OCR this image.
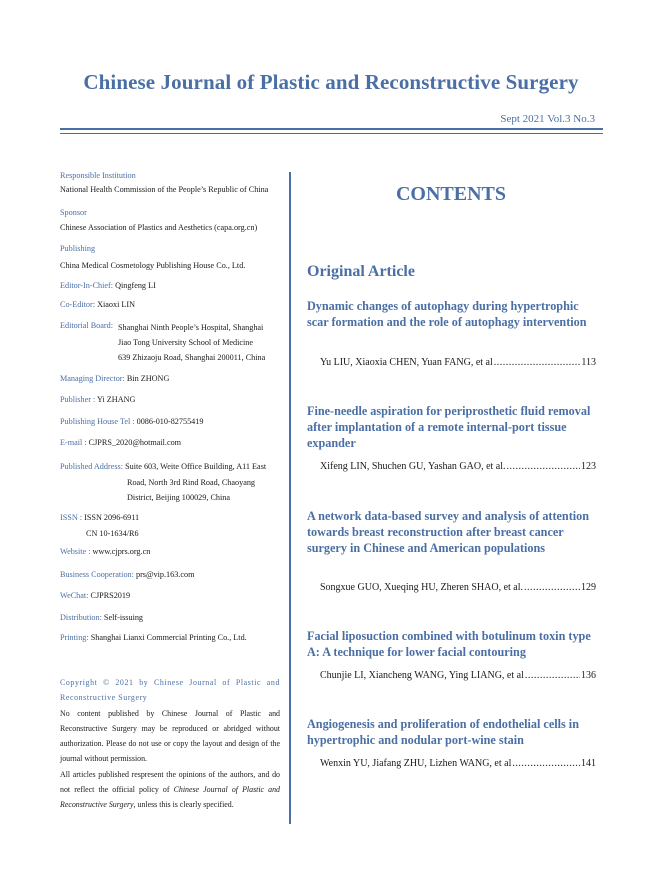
Chinese Journal of Plastic and Reconstructive Surgery
Sept 2021 Vol.3 No.3
Responsible Institution
National Health Commission of the People’s Republic of China
Sponsor
Chinese Association of Plastics and Aesthetics (capa.org.cn)
Publishing
China Medical Cosmetology Publishing House Co., Ltd.
Editor-In-Chief: Qingfeng LI
Co-Editor: Xiaoxi LIN
Editorial Board: Shanghai Ninth People’s Hospital, Shanghai
Jiao Tong University School of Medicine
639 Zhizaoju Road, Shanghai 200011, China
Managing Director: Bin ZHONG
Publisher : Yi ZHANG
Publishing House Tel : 0086-010-82755419
E-mail : CJPRS_2020@hotmail.com
Published Address: Suite 603, Weite Office Building, A11 East
Road, North 3rd Rind Road, Chaoyang
District, Beijing 100029, China
ISSN : ISSN 2096-6911
CN 10-1634/R6
Website : www.cjprs.org.cn
Business Cooperation: prs@vip.163.com
WeChat: CJPRS2019
Distribution: Self-issuing
Printing: Shanghai Lianxi Commercial Printing Co., Ltd.
Copyright © 2021 by Chinese Journal of Plastic and Reconstructive Surgery
No content published by Chinese Journal of Plastic and Reconstructive Surgery may be reproduced or abridged without authorization. Please do not use or copy the layout and design of the journal without permission.
All articles published respresent the opinions of the authors, and do not reflect the official policy of Chinese Journal of Plastic and Reconstructive Surgery, unless this is clearly specified.
CONTENTS
Original Article
Dynamic changes of autophagy during hypertrophic scar formation and the role of autophagy intervention
Yu LIU, Xiaoxia CHEN, Yuan FANG, et al .....	113
Fine-needle aspiration for periprosthetic fluid removal after implantation of a remote internal-port tissue expander
Xifeng LIN, Shuchen GU, Yashan GAO, et al. .....	123
A network data-based survey and analysis of attention towards breast reconstruction after breast cancer surgery in Chinese and American populations
Songxue GUO, Xueqing HU, Zheren SHAO, et al. .....	129
Facial liposuction combined with botulinum toxin type A: A technique for lower facial contouring
Chunjie LI, Xiancheng WANG, Ying LIANG, et al .....	136
Angiogenesis and proliferation of endothelial cells in hypertrophic and nodular port-wine stain
Wenxin YU, Jiafang ZHU, Lizhen WANG, et al .....	141
